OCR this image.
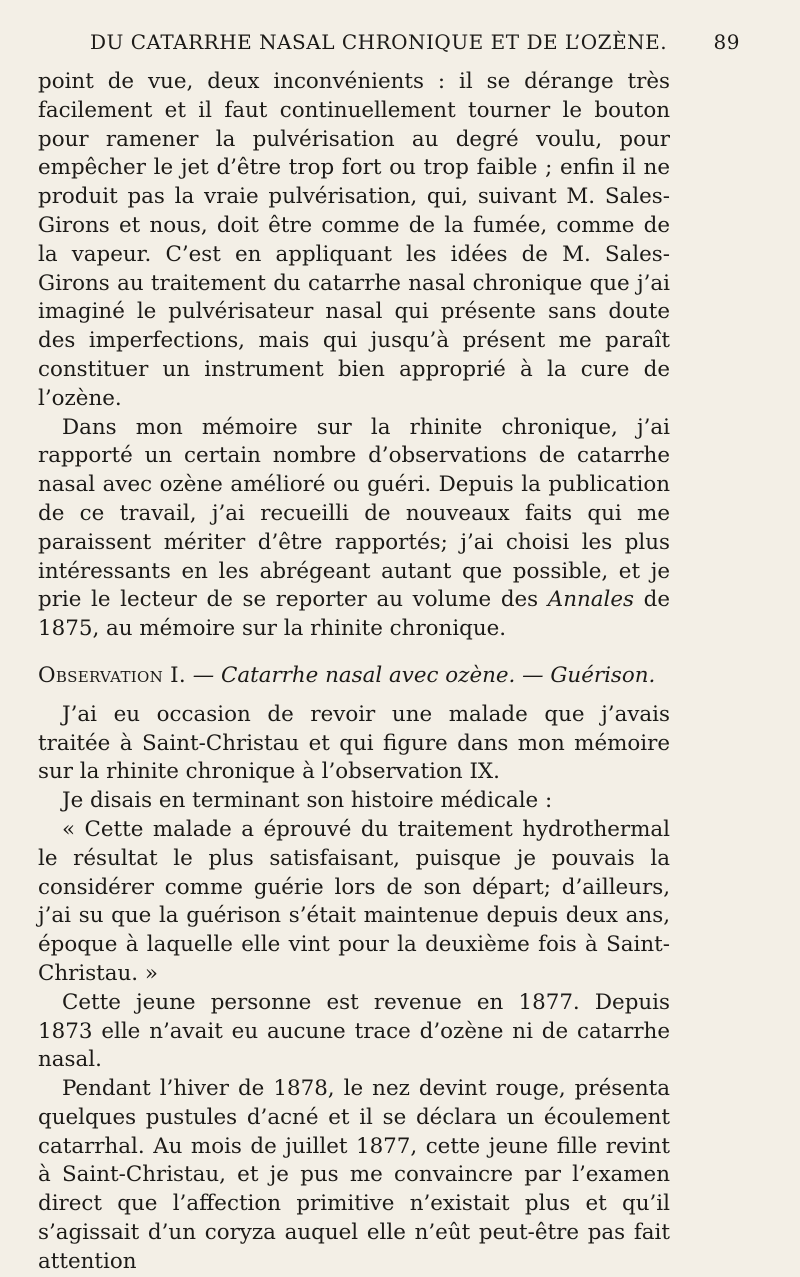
DU CATARRHE NASAL CHRONIQUE ET DE L’OZÈNE. 89

point de vue, deux inconvénients : il se dérange très facilement et il faut continuellement tourner le bouton pour ramener la pulvérisation au degré voulu, pour empêcher le jet d’être trop fort ou trop faible ; enfin il ne produit pas la vraie pulvérisation, qui, suivant M. Sales-Girons et nous, doit être comme de la fumée, comme de la vapeur. C’est en appliquant les idées de M. Sales-Girons au traitement du catarrhe nasal chronique que j’ai imaginé le pulvérisateur nasal qui présente sans doute des imperfections, mais qui jusqu’à présent me paraît constituer un instrument bien approprié à la cure de l’ozène.

Dans mon mémoire sur la rhinite chronique, j’ai rapporté un certain nombre d’observations de catarrhe nasal avec ozène amélioré ou guéri. Depuis la publication de ce travail, j’ai recueilli de nouveaux faits qui me paraissent mériter d’être rapportés; j’ai choisi les plus intéressants en les abrégeant autant que possible, et je prie le lecteur de se reporter au volume des Annales de 1875, au mémoire sur la rhinite chronique.

Observation I. — Catarrhe nasal avec ozène. — Guérison.

J’ai eu occasion de revoir une malade que j’avais traitée à Saint-Christau et qui figure dans mon mémoire sur la rhinite chronique à l’observation IX.

Je disais en terminant son histoire médicale :

« Cette malade a éprouvé du traitement hydrothermal le résultat le plus satisfaisant, puisque je pouvais la considérer comme guérie lors de son départ; d’ailleurs, j’ai su que la guérison s’était maintenue depuis deux ans, époque à laquelle elle vint pour la deuxième fois à Saint-Christau. »

Cette jeune personne est revenue en 1877. Depuis 1873 elle n’avait eu aucune trace d’ozène ni de catarrhe nasal.

Pendant l’hiver de 1878, le nez devint rouge, présenta quelques pustules d’acné et il se déclara un écoulement catarrhal. Au mois de juillet 1877, cette jeune fille revint à Saint-Christau, et je pus me convaincre par l’examen direct que l’affection primitive n’existait plus et qu’il s’agissait d’un coryza auquel elle n’eût peut-être pas fait attention
